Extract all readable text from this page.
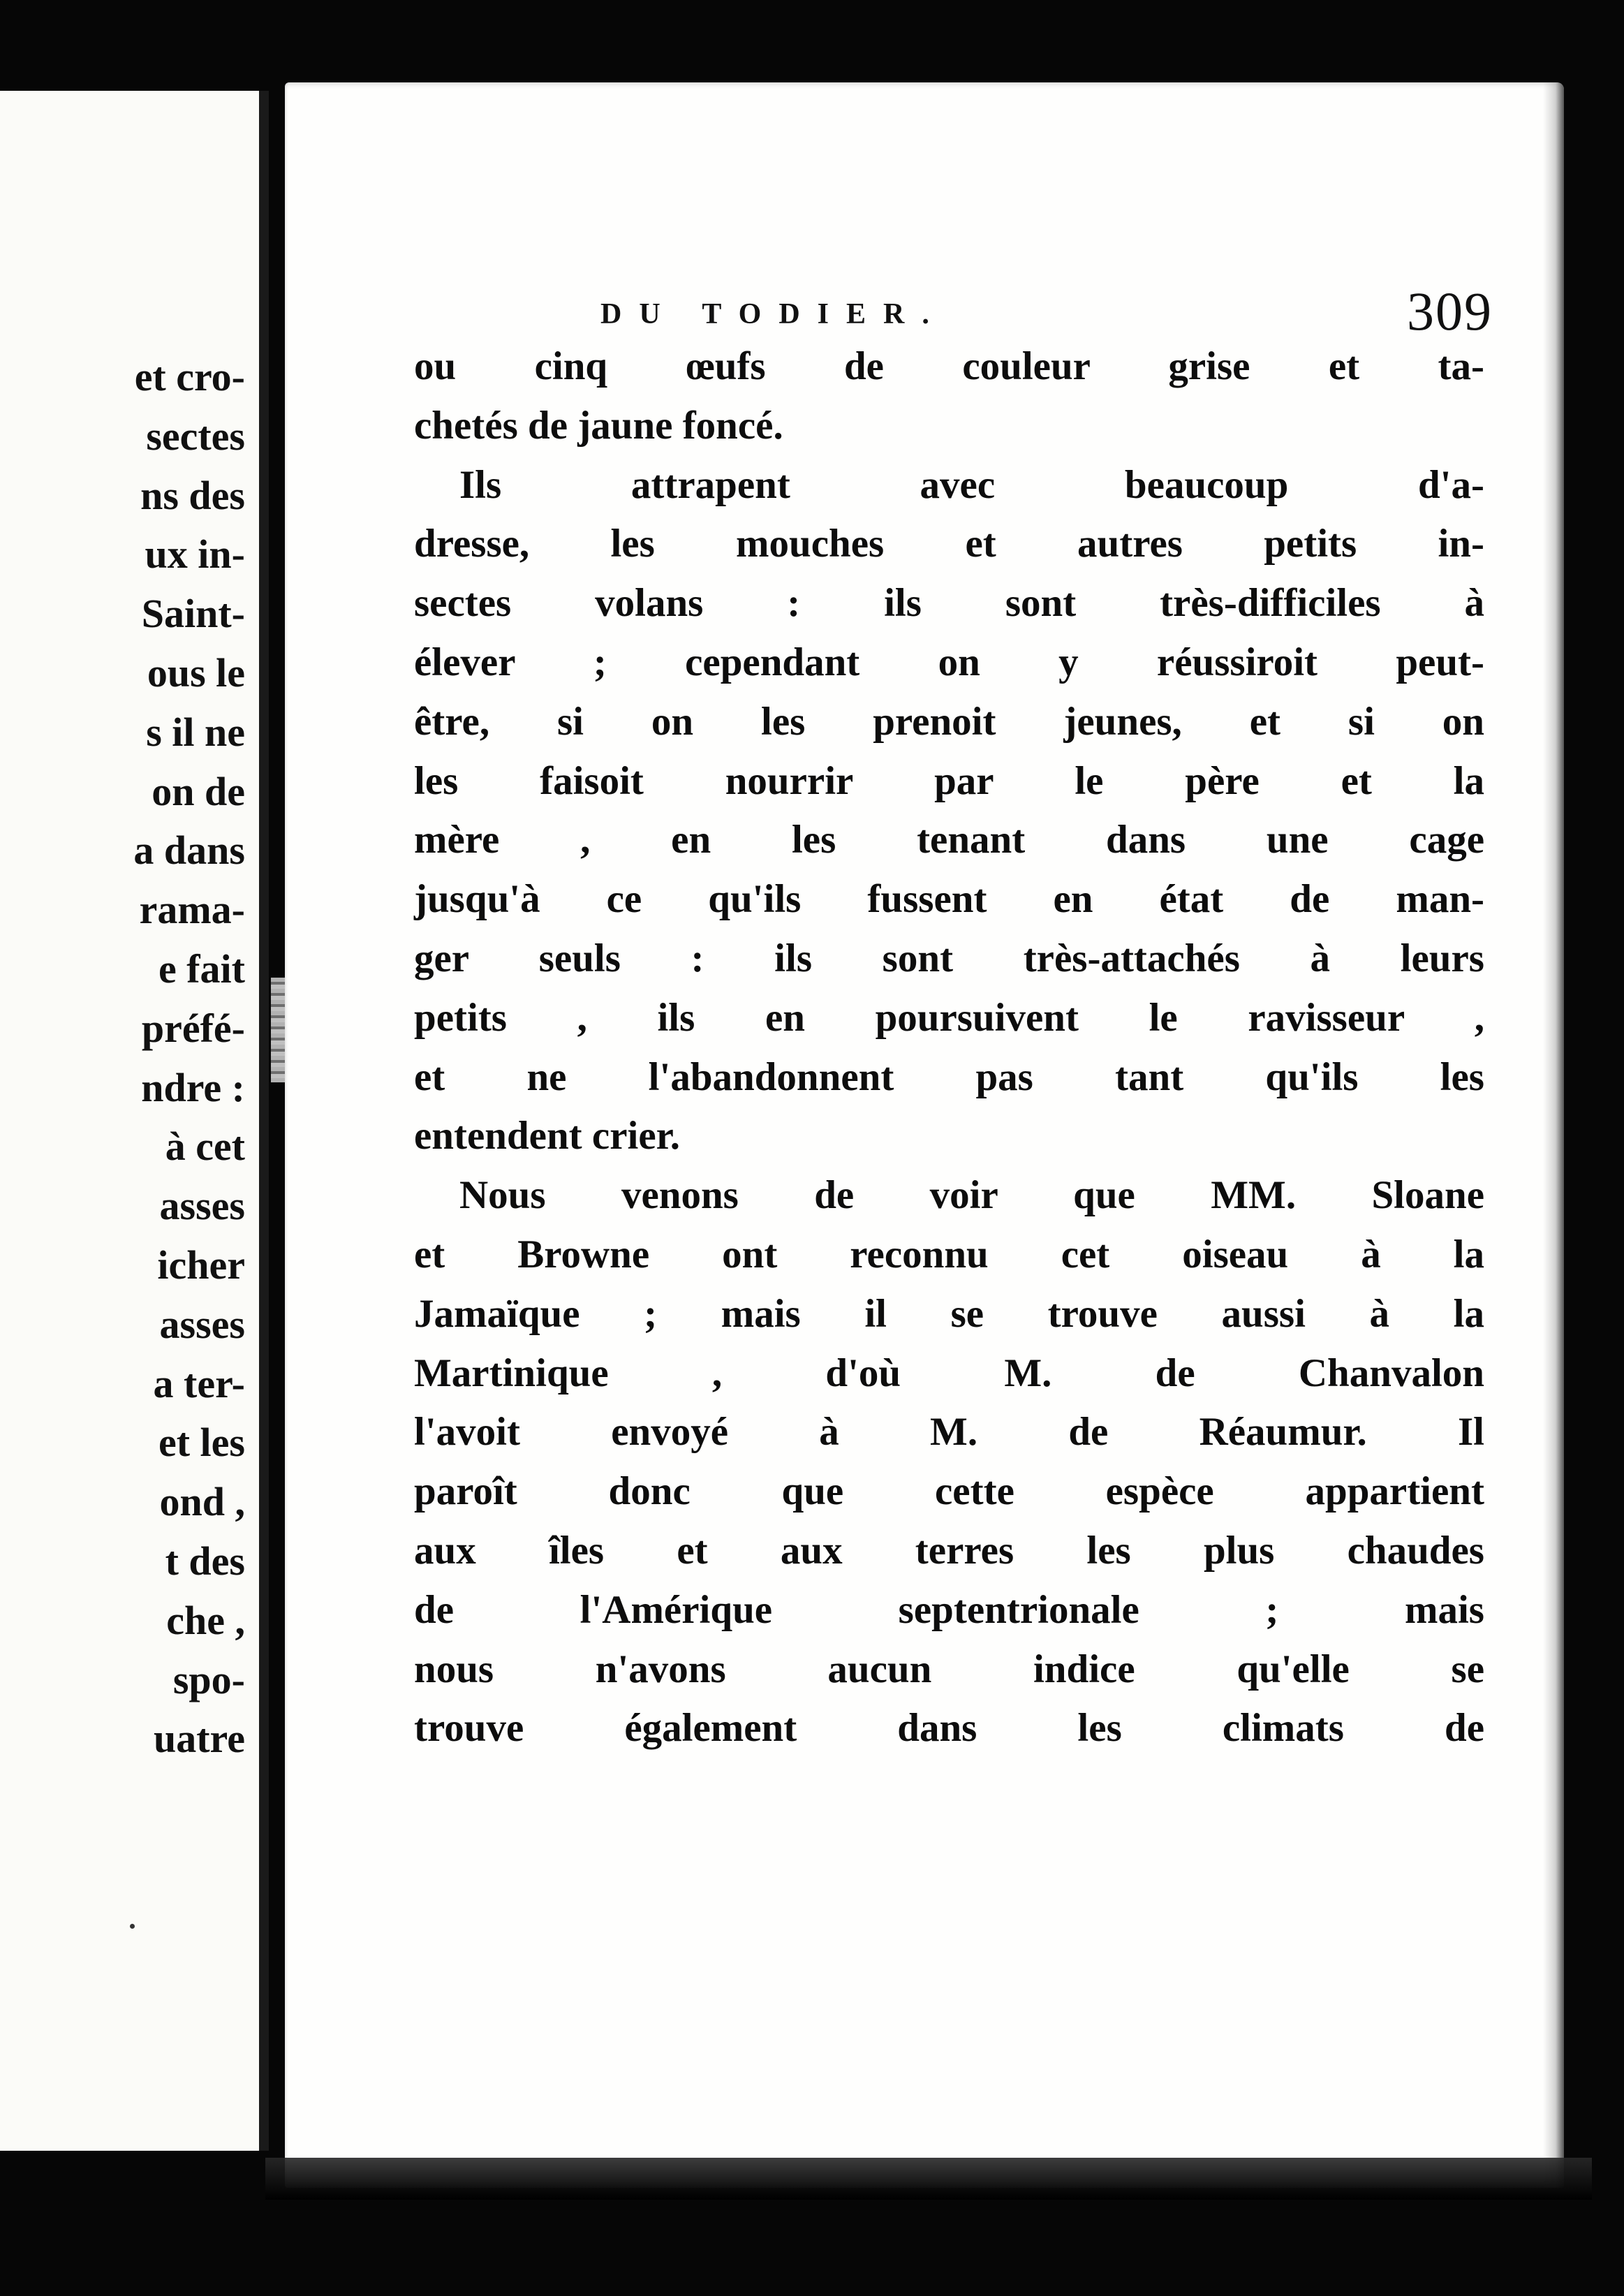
et cro-
sectes
ns des
ux in-
Saint-
ous le
s il ne
on de
a dans
rama-
e fait
préfé-
ndre :
à cet
asses
icher
asses
a ter-
et les
ond ,
t des
che ,
spo-
uatre
DU TODIER.	309
ou cinq œufs de couleur grise et ta-
chetés de jaune foncé.
Ils attrapent avec beaucoup d'a-
dresse, les mouches et autres petits in-
sectes volans : ils sont très-difficiles à
élever ; cependant on y réussiroit peut-
être, si on les prenoit jeunes, et si on
les faisoit nourrir par le père et la
mère , en les tenant dans une cage
jusqu'à ce qu'ils fussent en état de man-
ger seuls : ils sont très-attachés à leurs
petits , ils en poursuivent le ravisseur ,
et ne l'abandonnent pas tant qu'ils les
entendent crier.
Nous venons de voir que MM. Sloane
et Browne ont reconnu cet oiseau à la
Jamaïque ; mais il se trouve aussi à la
Martinique , d'où M. de Chanvalon
l'avoit envoyé à M. de Réaumur. Il
paroît donc que cette espèce appartient
aux îles et aux terres les plus chaudes
de l'Amérique septentrionale ; mais
nous n'avons aucun indice qu'elle se
trouve également dans les climats de
